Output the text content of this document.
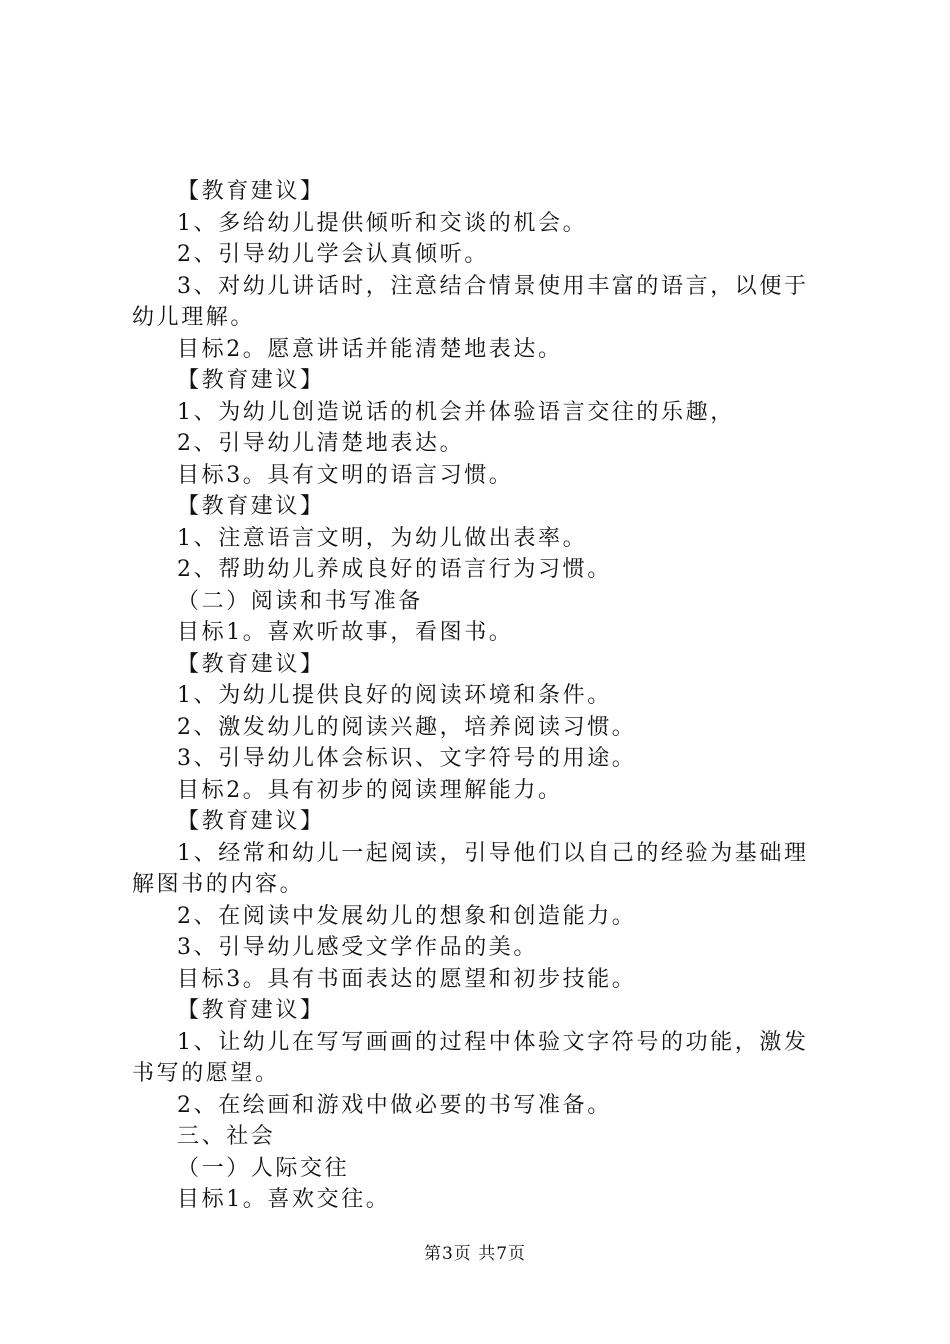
【教育建议】

1、多给幼儿提供倾听和交谈的机会。

2、引导幼儿学会认真倾听。

3、对幼儿讲话时，注意结合情景使用丰富的语言，以便于

幼儿理解。

目标2。愿意讲话并能清楚地表达。

【教育建议】

1、为幼儿创造说话的机会并体验语言交往的乐趣，

2、引导幼儿清楚地表达。

目标3。具有文明的语言习惯。

【教育建议】

1、注意语言文明，为幼儿做出表率。

2、帮助幼儿养成良好的语言行为习惯。

（二）阅读和书写准备

目标1。喜欢听故事，看图书。

【教育建议】

1、为幼儿提供良好的阅读环境和条件。

2、激发幼儿的阅读兴趣，培养阅读习惯。

3、引导幼儿体会标识、文字符号的用途。

目标2。具有初步的阅读理解能力。

【教育建议】

1、经常和幼儿一起阅读，引导他们以自己的经验为基础理

解图书的内容。

2、在阅读中发展幼儿的想象和创造能力。

3、引导幼儿感受文学作品的美。

目标3。具有书面表达的愿望和初步技能。

【教育建议】

1、让幼儿在写写画画的过程中体验文字符号的功能，激发

书写的愿望。

2、在绘画和游戏中做必要的书写准备。

三、社会

（一）人际交往

目标1。喜欢交往。

第3页 共7页
